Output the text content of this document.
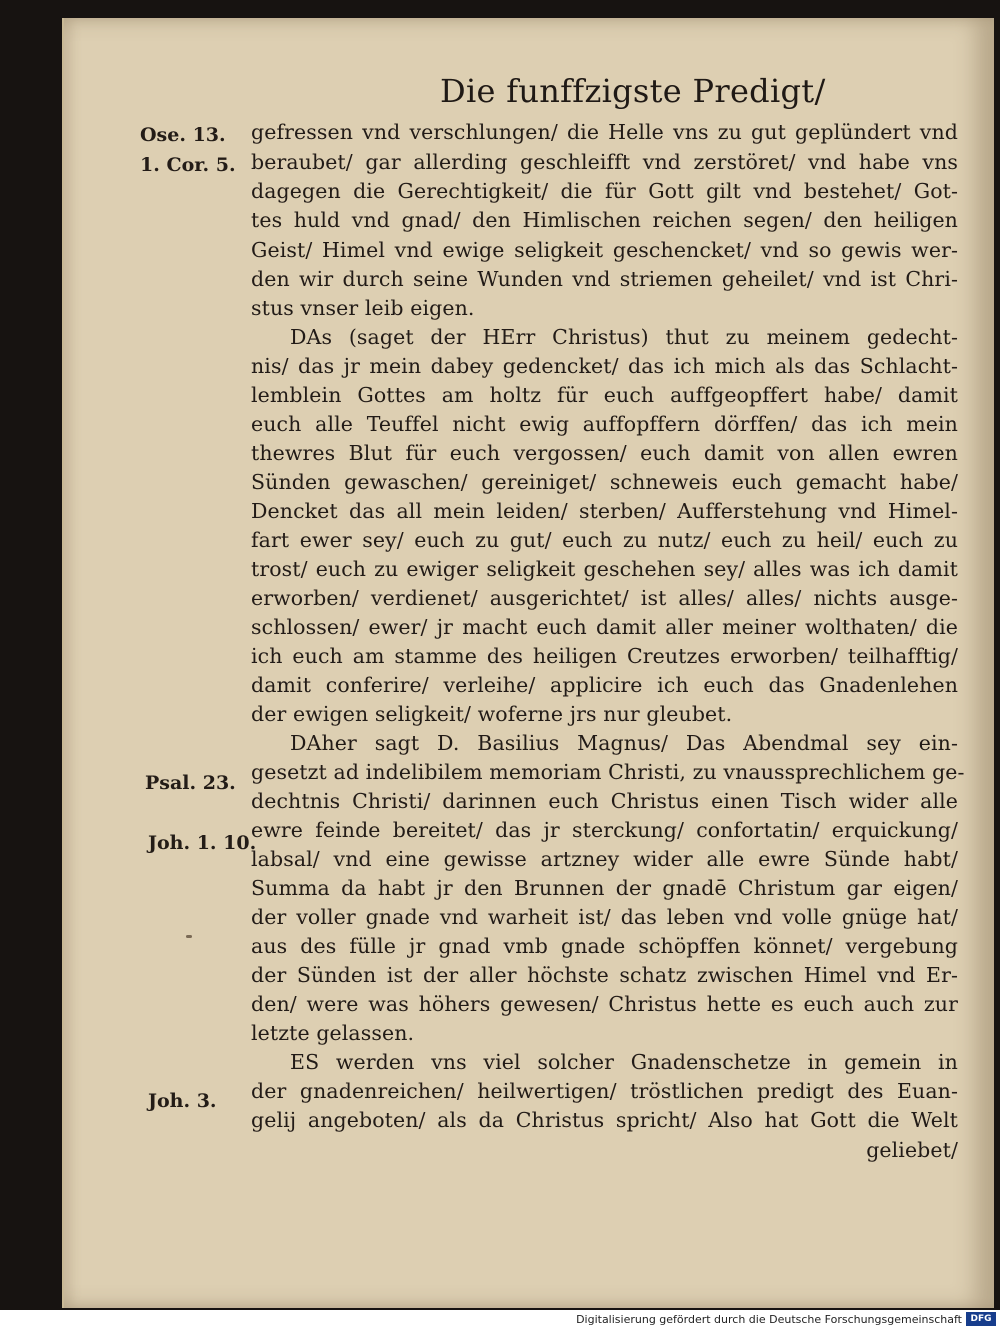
Die funffzigste Predigt/
Ose. 13.
1. Cor. 5.
Psal. 23.
Joh. 1. 10.
Joh. 3.
gefressen vnd verschlungen/ die Helle vns zu gut geplündert vnd
beraubet/ gar allerding geschleifft vnd zerstöret/ vnd habe vns
dagegen die Gerechtigkeit/ die für Gott gilt vnd bestehet/ Got-
tes huld vnd gnad/ den Himlischen reichen segen/ den heiligen
Geist/ Himel vnd ewige seligkeit geschencket/ vnd so gewis wer-
den wir durch seine Wunden vnd striemen geheilet/ vnd ist Chri-
stus vnser leib eigen.
DAs (saget der HErr Christus) thut zu meinem gedecht-
nis/ das jr mein dabey gedencket/ das ich mich als das Schlacht-
lemblein Gottes am holtz für euch auffgeopffert habe/ damit
euch alle Teuffel nicht ewig auffopffern dörffen/ das ich mein
thewres Blut für euch vergossen/ euch damit von allen ewren
Sünden gewaschen/ gereiniget/ schneweis euch gemacht habe/
Dencket das all mein leiden/ sterben/ Aufferstehung vnd Himel-
fart ewer sey/ euch zu gut/ euch zu nutz/ euch zu heil/ euch zu
trost/ euch zu ewiger seligkeit geschehen sey/ alles was ich damit
erworben/ verdienet/ ausgerichtet/ ist alles/ alles/ nichts ausge-
schlossen/ ewer/ jr macht euch damit aller meiner wolthaten/ die
ich euch am stamme des heiligen Creutzes erworben/ teilhafftig/
damit conferire/ verleihe/ applicire ich euch das Gnadenlehen
der ewigen seligkeit/ woferne jrs nur gleubet.
DAher sagt D. Basilius Magnus/ Das Abendmal sey ein-
gesetzt ad indelibilem memoriam Christi, zu vnaussprechlichem ge-
dechtnis Christi/ darinnen euch Christus einen Tisch wider alle
ewre feinde bereitet/ das jr sterckung/ confortatin/ erquickung/
labsal/ vnd eine gewisse artzney wider alle ewre Sünde habt/
Summa da habt jr den Brunnen der gnadē Christum gar eigen/
der voller gnade vnd warheit ist/ das leben vnd volle gnüge hat/
aus des fülle jr gnad vmb gnade schöpffen könnet/ vergebung
der Sünden ist der aller höchste schatz zwischen Himel vnd Er-
den/ were was höhers gewesen/ Christus hette es euch auch zur
letzte gelassen.
ES werden vns viel solcher Gnadenschetze in gemein in
der gnadenreichen/ heilwertigen/ tröstlichen predigt des Euan-
gelij angeboten/ als da Christus spricht/ Also hat Gott die Welt
geliebet/
Digitalisierung gefördert durch die Deutsche Forschungsgemeinschaft DFG
